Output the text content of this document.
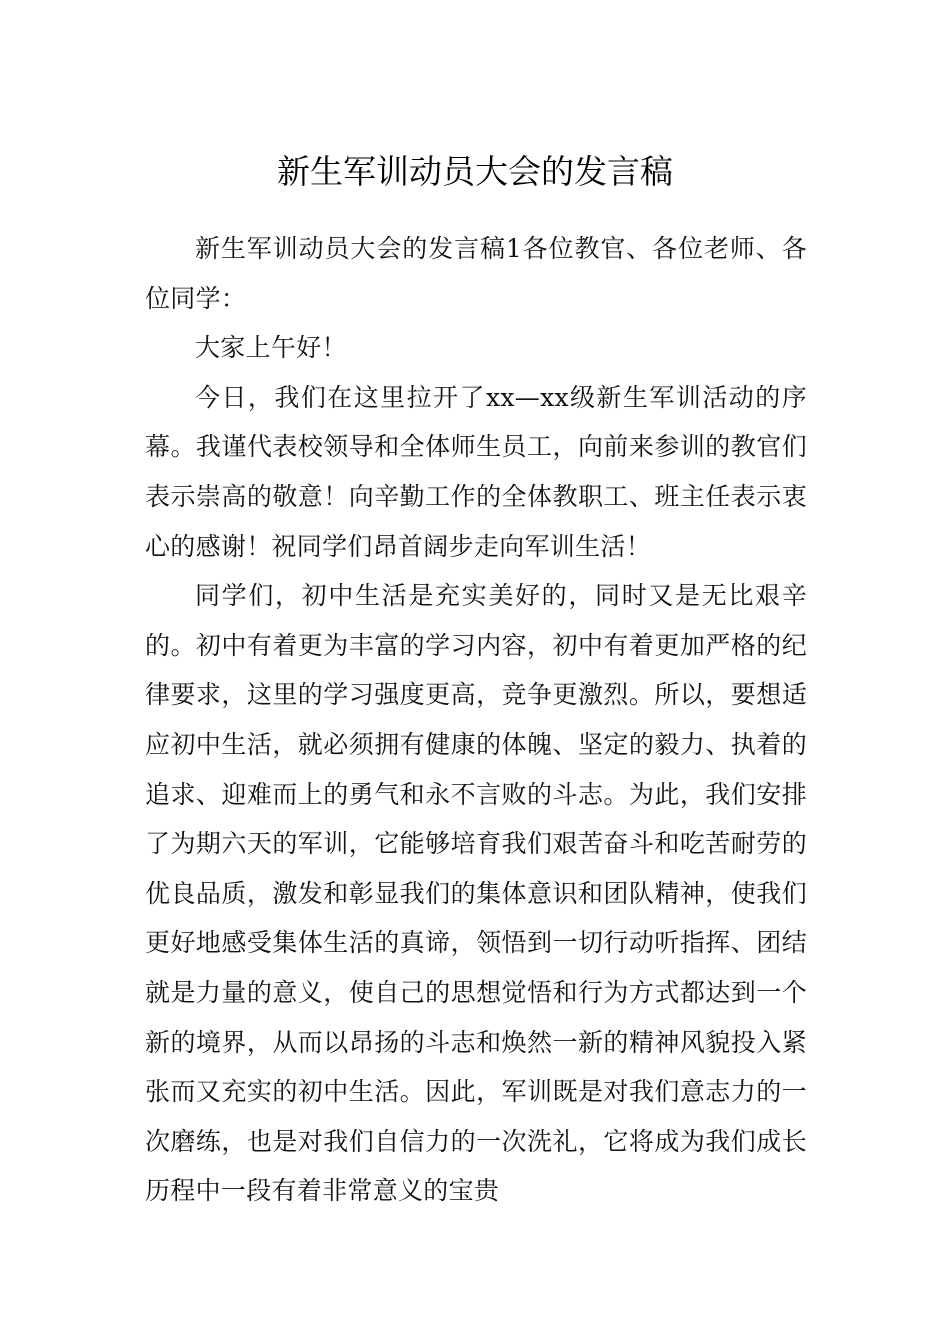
新生军训动员大会的发言稿

新生军训动员大会的发言稿1各位教官、各位老师、各位同学：

大家上午好！

今日，我们在这里拉开了xx—xx级新生军训活动的序幕。我谨代表校领导和全体师生员工，向前来参训的教官们表示崇高的敬意！向辛勤工作的全体教职工、班主任表示衷心的感谢！祝同学们昂首阔步走向军训生活！

同学们，初中生活是充实美好的，同时又是无比艰辛的。初中有着更为丰富的学习内容，初中有着更加严格的纪律要求，这里的学习强度更高，竞争更激烈。所以，要想适应初中生活，就必须拥有健康的体魄、坚定的毅力、执着的追求、迎难而上的勇气和永不言败的斗志。为此，我们安排了为期六天的军训，它能够培育我们艰苦奋斗和吃苦耐劳的优良品质，激发和彰显我们的集体意识和团队精神，使我们更好地感受集体生活的真谛，领悟到一切行动听指挥、团结就是力量的意义，使自己的思想觉悟和行为方式都达到一个新的境界，从而以昂扬的斗志和焕然一新的精神风貌投入紧张而又充实的初中生活。因此，军训既是对我们意志力的一次磨练，也是对我们自信力的一次洗礼，它将成为我们成长历程中一段有着非常意义的宝贵
